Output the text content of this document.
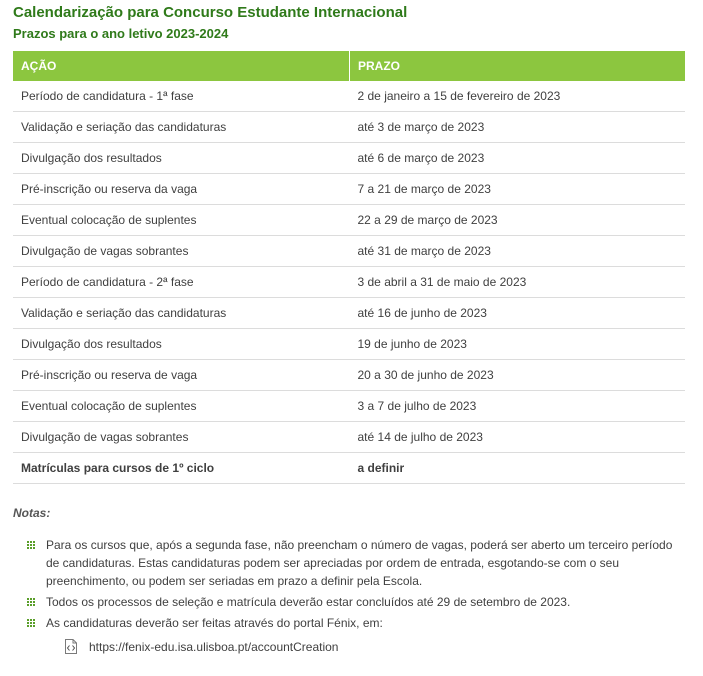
Calendarização para Concurso Estudante Internacional
Prazos para o ano letivo 2023-2024
AÇÃO	PRAZO
Período de candidatura - 1ª fase	2 de janeiro a 15 de fevereiro de 2023
Validação e seriação das candidaturas	até 3 de março de 2023
Divulgação dos resultados	até 6 de março de 2023
Pré-inscrição ou reserva da vaga	7 a 21 de março de 2023
Eventual colocação de suplentes	22 a 29 de março de 2023
Divulgação de vagas sobrantes	até 31 de março de 2023
Período de candidatura - 2ª fase	3 de abril a 31 de maio de 2023
Validação e seriação das candidaturas	até 16 de junho de 2023
Divulgação dos resultados	19 de junho de 2023
Pré-inscrição ou reserva de vaga	20 a 30 de junho de 2023
Eventual colocação de suplentes	3 a 7 de julho de 2023
Divulgação de vagas sobrantes	até 14 de julho de 2023
Matrículas para cursos de 1º ciclo	a definir
Notas:
Para os cursos que, após a segunda fase, não preencham o número de vagas, poderá ser aberto um terceiro período de candidaturas. Estas candidaturas podem ser apreciadas por ordem de entrada, esgotando-se com o seu preenchimento, ou podem ser seriadas em prazo a definir pela Escola.
Todos os processos de seleção e matrícula deverão estar concluídos até 29 de setembro de 2023.
As candidaturas deverão ser feitas através do portal Fénix, em:
https://fenix-edu.isa.ulisboa.pt/accountCreation
